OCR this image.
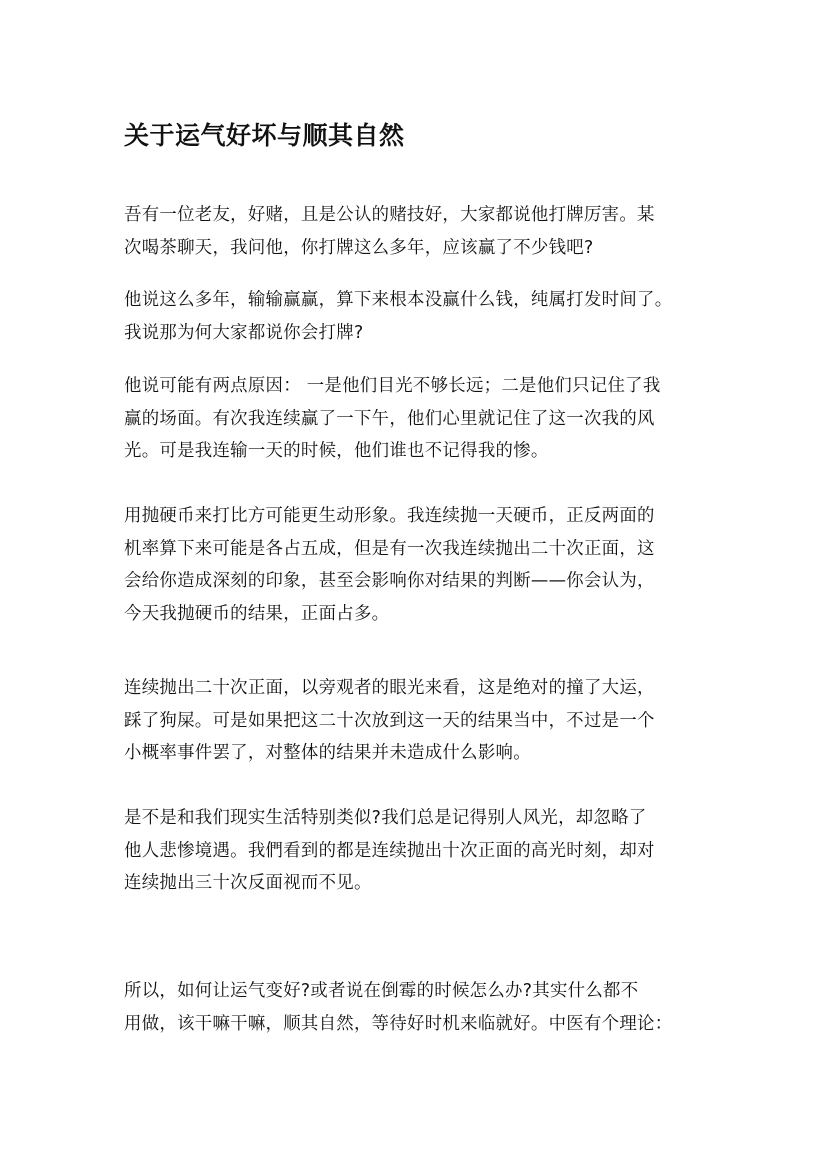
关于运气好坏与顺其自然
吾有一位老友，好赌，且是公认的赌技好，大家都说他打牌厉害。某
次喝茶聊天，我问他，你打牌这么多年，应该赢了不少钱吧?
他说这么多年，输输赢赢，算下来根本没赢什么钱，纯属打发时间了。
我说那为何大家都说你会打牌?
他说可能有两点原因： 一是他们目光不够长远；二是他们只记住了我
赢的场面。有次我连续赢了一下午，他们心里就记住了这一次我的风
光。可是我连输一天的时候，他们谁也不记得我的惨。
用抛硬币来打比方可能更生动形象。我连续抛一天硬币，正反两面的
机率算下来可能是各占五成，但是有一次我连续抛出二十次正面，这
会给你造成深刻的印象，甚至会影响你对结果的判断——你会认为，
今天我抛硬币的结果，正面占多。
连续抛出二十次正面，以旁观者的眼光来看，这是绝对的撞了大运，
踩了狗屎。可是如果把这二十次放到这一天的结果当中，不过是一个
小概率事件罢了，对整体的结果并未造成什么影响。
是不是和我们现实生活特别类似?我们总是记得别人风光，却忽略了
他人悲惨境遇。我們看到的都是连续抛出十次正面的高光时刻，却对
连续抛出三十次反面视而不见。
所以，如何让运气变好?或者说在倒霉的时候怎么办?其实什么都不
用做，该干嘛干嘛，顺其自然，等待好时机来临就好。中医有个理论：
